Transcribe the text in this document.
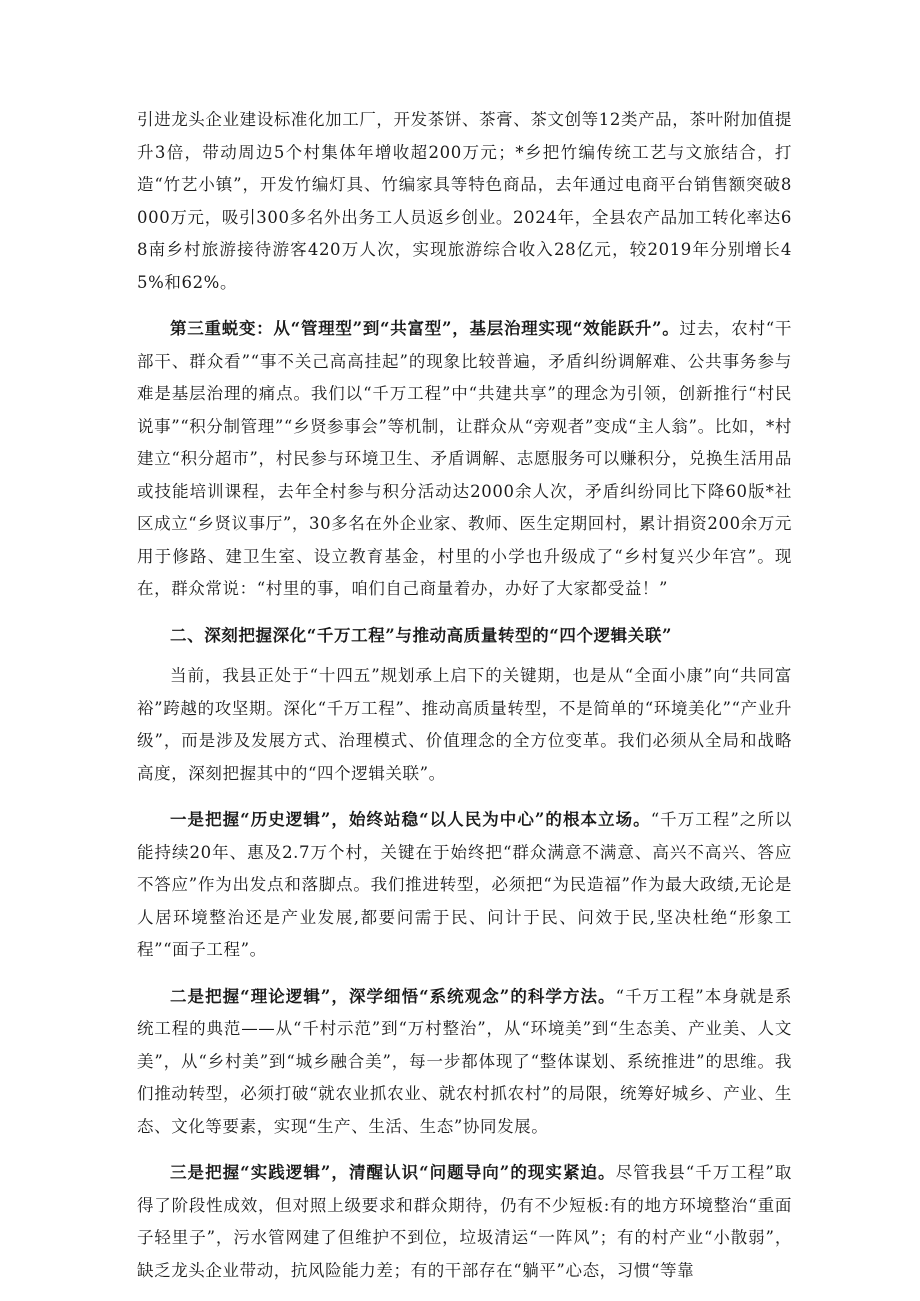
引进龙头企业建设标准化加工厂，开发茶饼、茶膏、茶文创等12类产品，茶叶附加值提升3倍，带动周边5个村集体年增收超200万元；*乡把竹编传统工艺与文旅结合，打造“竹艺小镇”，开发竹编灯具、竹编家具等特色商品，去年通过电商平台销售额突破8000万元，吸引300多名外出务工人员返乡创业。2024年，全县农产品加工转化率达68南乡村旅游接待游客420万人次，实现旅游综合收入28亿元，较2019年分别增长45%和62%。

第三重蜕变：从“管理型”到“共富型”，基层治理实现“效能跃升”。过去，农村“干部干、群众看”“事不关己高高挂起”的现象比较普遍，矛盾纠纷调解难、公共事务参与难是基层治理的痛点。我们以“千万工程”中“共建共享”的理念为引领，创新推行“村民说事”“积分制管理”“乡贤参事会”等机制，让群众从“旁观者”变成“主人翁”。比如，*村建立“积分超市”，村民参与环境卫生、矛盾调解、志愿服务可以赚积分，兑换生活用品或技能培训课程，去年全村参与积分活动达2000余人次，矛盾纠纷同比下降60版*社区成立“乡贤议事厅”，30多名在外企业家、教师、医生定期回村，累计捐资200余万元用于修路、建卫生室、设立教育基金，村里的小学也升级成了“乡村复兴少年宫”。现在，群众常说：“村里的事，咱们自己商量着办，办好了大家都受益！”

二、深刻把握深化“千万工程”与推动高质量转型的“四个逻辑关联”

当前，我县正处于“十四五”规划承上启下的关键期，也是从“全面小康”向“共同富裕”跨越的攻坚期。深化“千万工程”、推动高质量转型，不是简单的“环境美化”“产业升级”，而是涉及发展方式、治理模式、价值理念的全方位变革。我们必须从全局和战略高度，深刻把握其中的“四个逻辑关联”。

一是把握“历史逻辑”，始终站稳“以人民为中心”的根本立场。“千万工程”之所以能持续20年、惠及2.7万个村，关键在于始终把“群众满意不满意、高兴不高兴、答应不答应”作为出发点和落脚点。我们推进转型，必须把“为民造福”作为最大政绩,无论是人居环境整治还是产业发展,都要问需于民、问计于民、问效于民,坚决杜绝“形象工程”“面子工程”。

二是把握“理论逻辑”，深学细悟“系统观念”的科学方法。“千万工程”本身就是系统工程的典范——从“千村示范”到“万村整治”，从“环境美”到“生态美、产业美、人文美”，从“乡村美”到“城乡融合美”，每一步都体现了“整体谋划、系统推进”的思维。我们推动转型，必须打破“就农业抓农业、就农村抓农村”的局限，统筹好城乡、产业、生态、文化等要素，实现“生产、生活、生态”协同发展。

三是把握“实践逻辑”，清醒认识“问题导向”的现实紧迫。尽管我县“千万工程”取得了阶段性成效，但对照上级要求和群众期待，仍有不少短板:有的地方环境整治“重面子轻里子”，污水管网建了但维护不到位，垃圾清运“一阵风”；有的村产业“小散弱”，缺乏龙头企业带动，抗风险能力差；有的干部存在“躺平”心态，习惯“等靠
